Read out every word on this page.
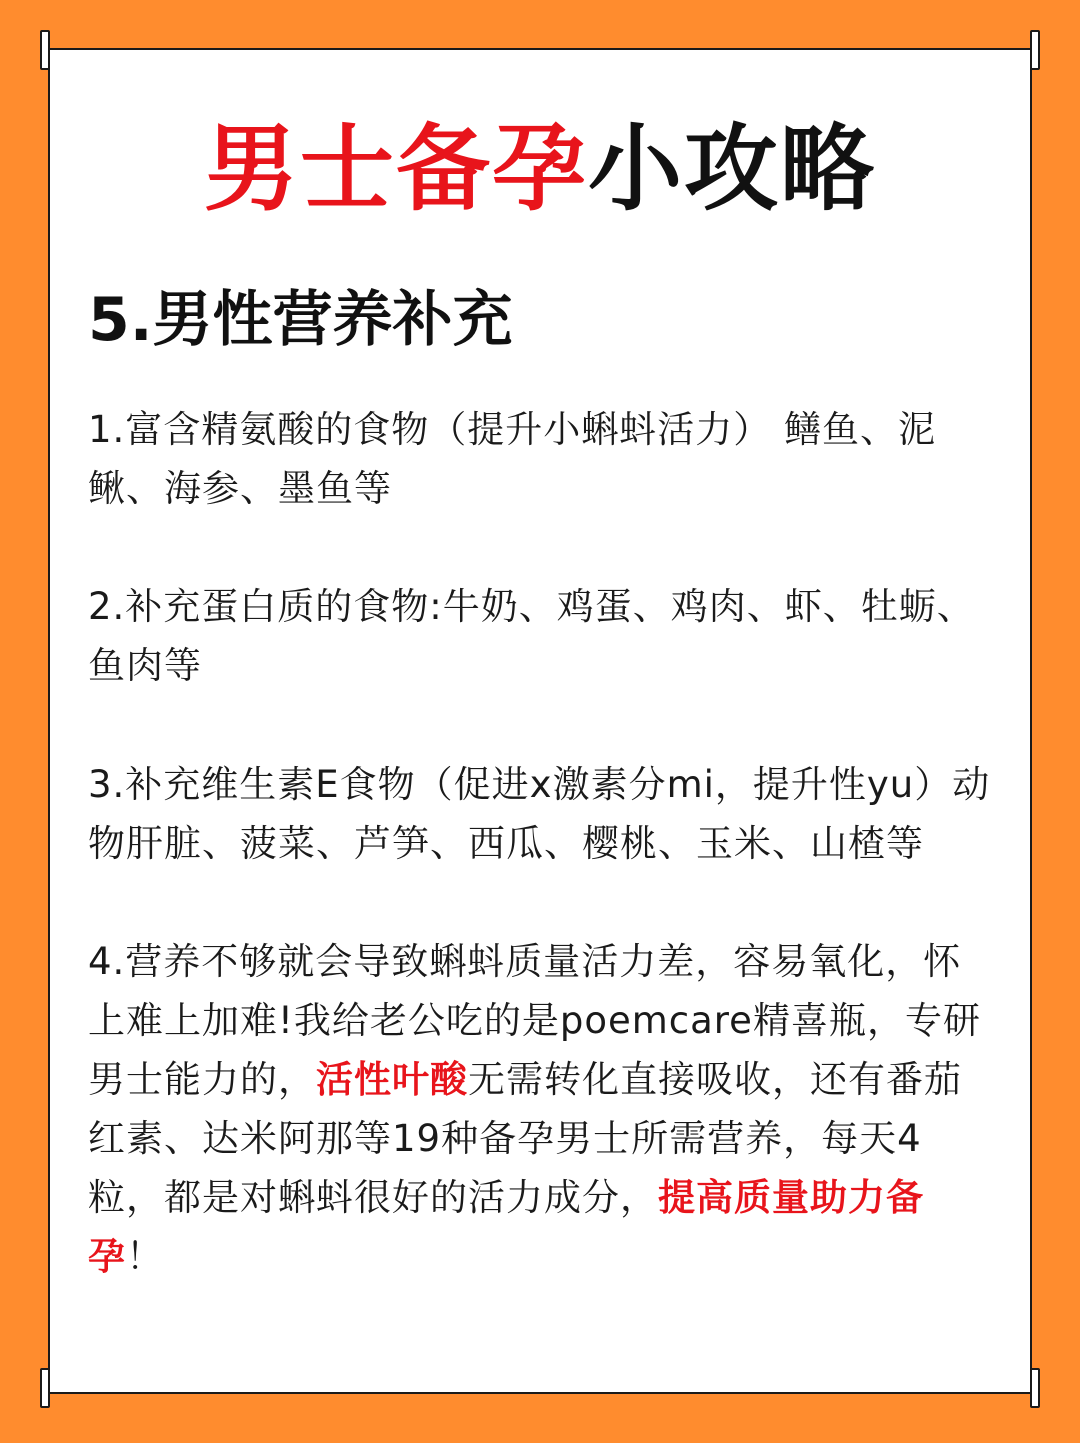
男士备孕小攻略
5.男性营养补充
1.富含精氨酸的食物（提升小蝌蚪活力） 鳝鱼、泥鳅、海参、墨鱼等
2.补充蛋白质的食物:牛奶、鸡蛋、鸡肉、虾、牡蛎、鱼肉等
3.补充维生素E食物（促进x激素分mi，提升性yu）动物肝脏、菠菜、芦笋、西瓜、樱桃、玉米、山楂等
4.营养不够就会导致蝌蚪质量活力差，容易氧化，怀上难上加难!我给老公吃的是poemcare精喜瓶，专研男士能力的，活性叶酸无需转化直接吸收，还有番茄红素、达米阿那等19种备孕男士所需营养，每天4粒，都是对蝌蚪很好的活力成分，提高质量助力备孕！
